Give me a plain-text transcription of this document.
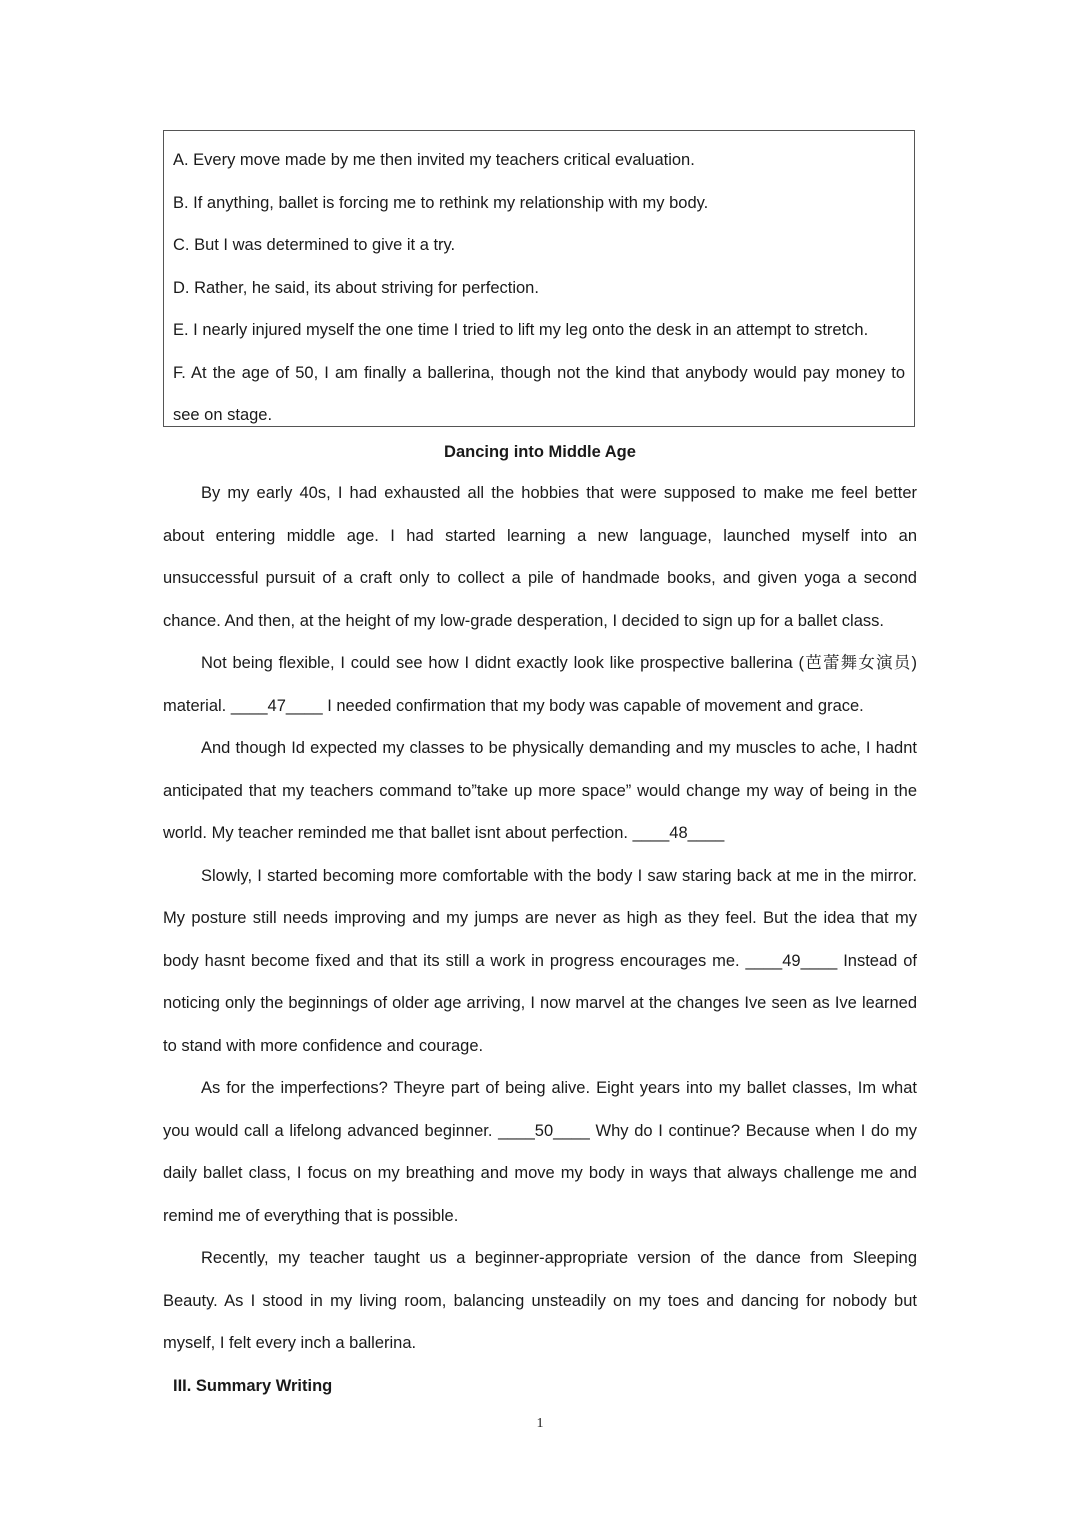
A. Every move made by me then invited my teachers critical evaluation.
B. If anything, ballet is forcing me to rethink my relationship with my body.
C. But I was determined to give it a try.
D. Rather, he said, its about striving for perfection.
E. I nearly injured myself the one time I tried to lift my leg onto the desk in an attempt to stretch.
F. At the age of 50, I am finally a ballerina, though not the kind that anybody would pay money to see on stage.
Dancing into Middle Age

By my early 40s, I had exhausted all the hobbies that were supposed to make me feel better about entering middle age. I had started learning a new language, launched myself into an unsuccessful pursuit of a craft only to collect a pile of handmade books, and given yoga a second chance. And then, at the height of my low-grade desperation, I decided to sign up for a ballet class.

Not being flexible, I could see how I didnt exactly look like prospective ballerina (芭蕾舞女演员) material. ____47____ I needed confirmation that my body was capable of movement and grace.

And though Id expected my classes to be physically demanding and my muscles to ache, I hadnt anticipated that my teachers command to”take up more space” would change my way of being in the world. My teacher reminded me that ballet isnt about perfection. ____48____

Slowly, I started becoming more comfortable with the body I saw staring back at me in the mirror. My posture still needs improving and my jumps are never as high as they feel. But the idea that my body hasnt become fixed and that its still a work in progress encourages me. ____49____ Instead of noticing only the beginnings of older age arriving, I now marvel at the changes Ive seen as Ive learned to stand with more confidence and courage.

As for the imperfections? Theyre part of being alive. Eight years into my ballet classes, Im what you would call a lifelong advanced beginner. ____50____ Why do I continue? Because when I do my daily ballet class, I focus on my breathing and move my body in ways that always challenge me and remind me of everything that is possible.

Recently, my teacher taught us a beginner-appropriate version of the dance from Sleeping Beauty. As I stood in my living room, balancing unsteadily on my toes and dancing for nobody but myself, I felt every inch a ballerina.

III. Summary Writing
1
